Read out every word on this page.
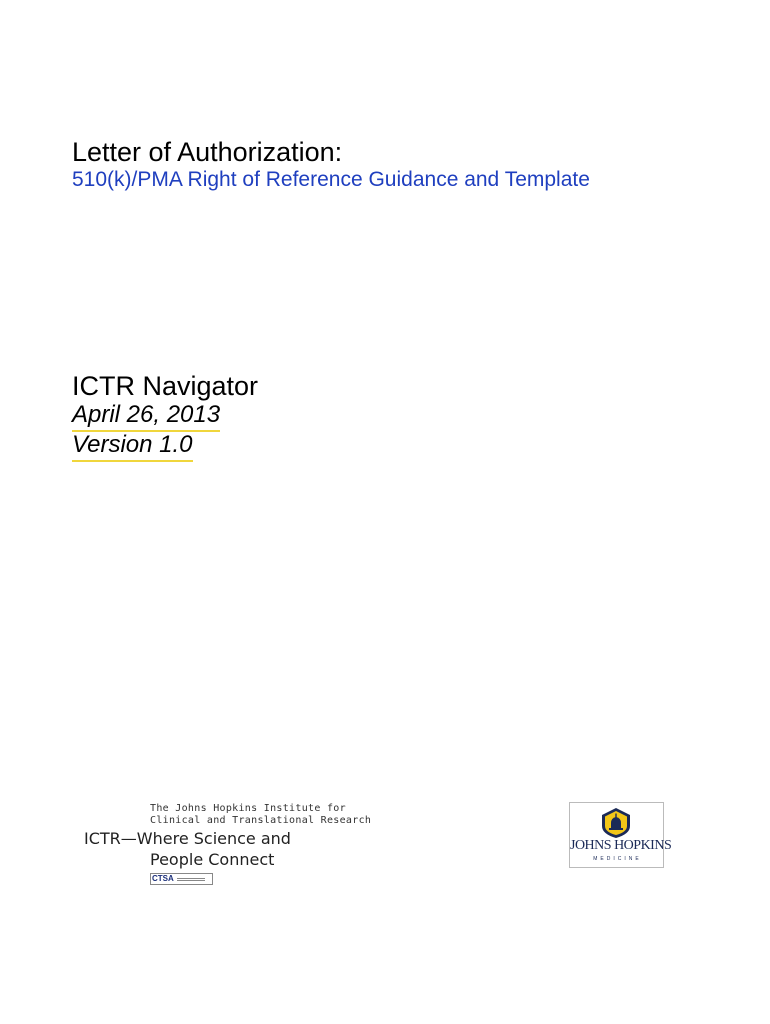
Letter of Authorization:
510(k)/PMA Right of Reference Guidance and Template
ICTR Navigator
April 26, 2013
Version 1.0
The Johns Hopkins Institute for
Clinical and Translational Research
ICTR—Where Science and
People Connect
CTSA
JOHNS HOPKINS
MEDICINE
